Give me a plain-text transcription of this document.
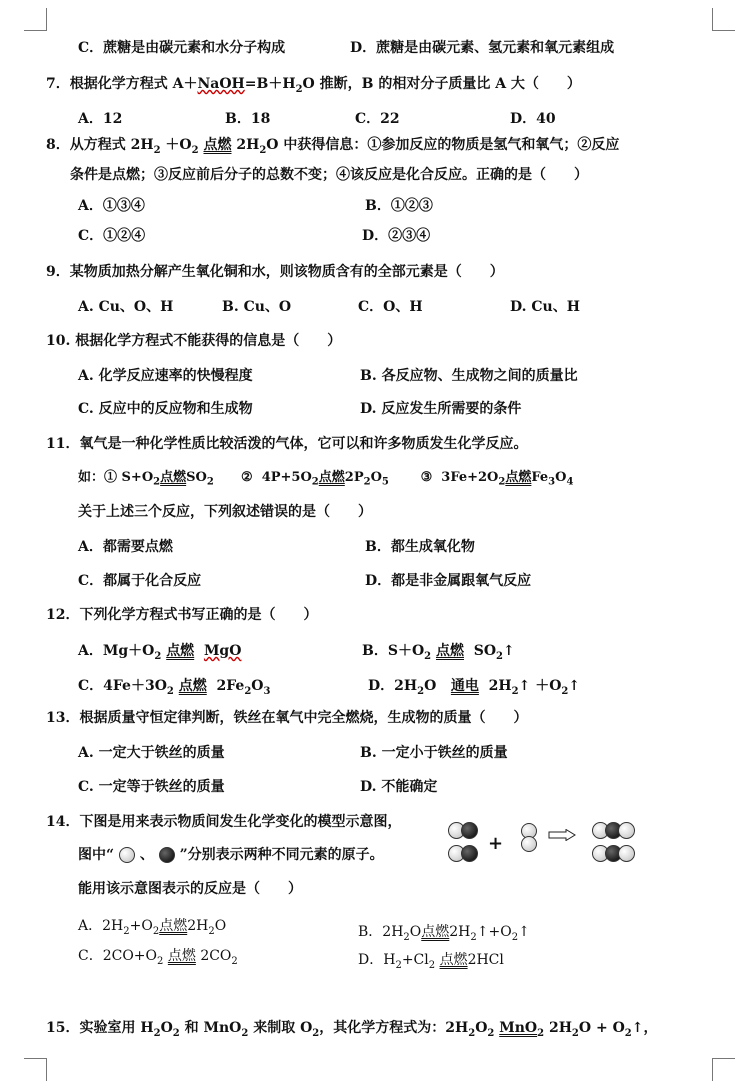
C．蔗糖是由碳元素和水分子构成	D．蔗糖是由碳元素、氢元素和氧元素组成
7．根据化学方程式 $A+NaOH=B+H_2O$ 推断，B 的相对分子质量比 A 大（　　）
A．12	B．18	C．22	D．40
8．从方程式 $2H_2 +O_2$ 点燃 $2H_2O$ 中获得信息：①参加反应的物质是氢气和氧气；②反应
条件是点燃；③反应前后分子的总数不变；④该反应是化合反应。正确的是（　　）
A．①③④	B．①②③
C．①②④	D．②③④
9．某物质加热分解产生氧化铜和水，则该物质含有的全部元素是（　　）
A. Cu、O、H	B. Cu、O	C．O、H	D. Cu、H
10. 根据化学方程式不能获得的信息是（　　）
A. 化学反应速率的快慢程度	B. 各反应物、生成物之间的质量比
C. 反应中的反应物和生成物	D. 反应发生所需要的条件
11．氧气是一种化学性质比较活泼的气体，它可以和许多物质发生化学反应。
如：① $S+O_2$点燃$SO_2$ ② $4P+5O_2$点燃$2P_2O_5$ ③ $3Fe+2O_2$点燃$Fe_3O_4$
关于上述三个反应，下列叙述错误的是（　　）
A．都需要点燃	B．都生成氧化物
C．都属于化合反应	D．都是非金属跟氧气反应
12．下列化学方程式书写正确的是（　　）
A．$Mg+O_2$ 点燃 MgO	B．$S+O_2$ 点燃 $SO_2↑$
C．$4Fe+3O_2$ 点燃 $2Fe_2O_3$	D．$2H_2O$ 通电 $2H_2↑$ $+O_2↑$
13．根据质量守恒定律判断，铁丝在氧气中完全燃烧，生成物的质量（　　）
A. 一定大于铁丝的质量	B. 一定小于铁丝的质量
C. 一定等于铁丝的质量	D. 不能确定
14．下图是用来表示物质间发生化学变化的模型示意图，
图中“ 、 ”分别表示两种不同元素的原子。
能用该示意图表示的反应是（　　）
+
A．$2H_2+O_2$点燃$2H_2O$	B．$2H_2O$点燃$2H_2↑+O_2↑$
C．$2CO+O_2$ 点燃 $2CO_2$	D．$H_2+Cl_2$ 点燃2HCl
15．实验室用 $H_2O_2$ 和 MnO$_2$ 来制取 $O_2$，其化学方程式为：$2H_2O_2$ MnO$_2$ $2H_2O$ + $O_2↑$，
